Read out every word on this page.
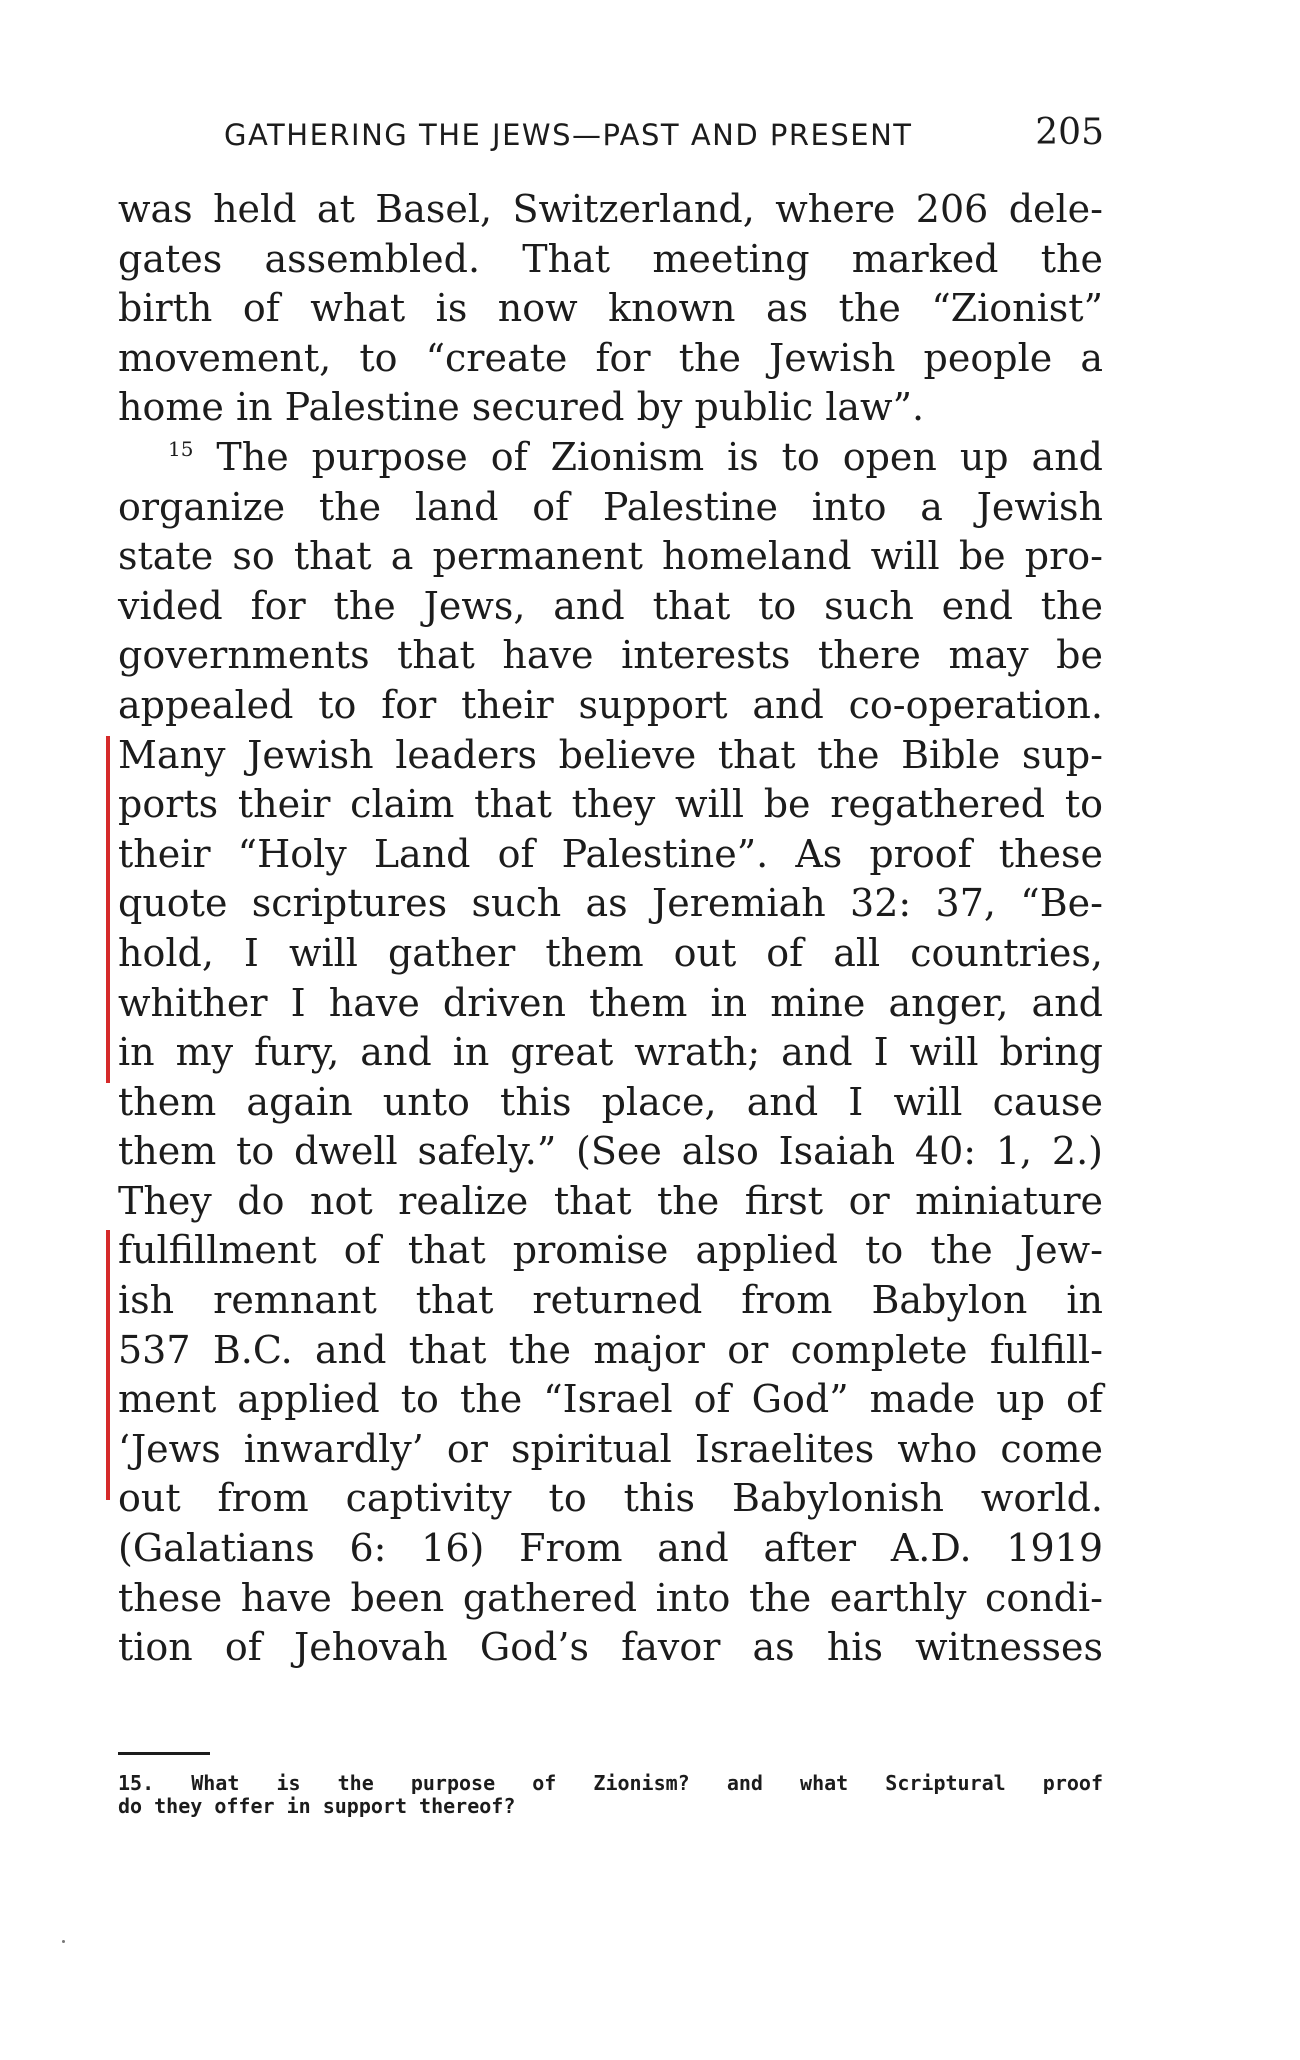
GATHERING THE JEWS—PAST AND PRESENT	205
was held at Basel, Switzerland, where 206 dele-
gates assembled. That meeting marked the
birth of what is now known as the “Zionist”
movement, to “create for the Jewish people a
home in Palestine secured by public law”.
$^{15}$ The purpose of Zionism is to open up and
organize the land of Palestine into a Jewish
state so that a permanent homeland will be pro-
vided for the Jews, and that to such end the
governments that have interests there may be
appealed to for their support and co-operation.
Many Jewish leaders believe that the Bible sup-
ports their claim that they will be regathered to
their “Holy Land of Palestine”. As proof these
quote scriptures such as Jeremiah 32: 37, “Be-
hold, I will gather them out of all countries,
whither I have driven them in mine anger, and
in my fury, and in great wrath; and I will bring
them again unto this place, and I will cause
them to dwell safely.” (See also Isaiah 40: 1, 2.)
They do not realize that the first or miniature
fulfillment of that promise applied to the Jew-
ish remnant that returned from Babylon in
537 B.C. and that the major or complete fulfill-
ment applied to the “Israel of God” made up of
‘Jews inwardly’ or spiritual Israelites who come
out from captivity to this Babylonish world.
(Galatians 6: 16) From and after A.D. 1919
these have been gathered into the earthly condi-
tion of Jehovah God’s favor as his witnesses
15. What is the purpose of Zionism? and what Scriptural proof
do they offer in support thereof?
